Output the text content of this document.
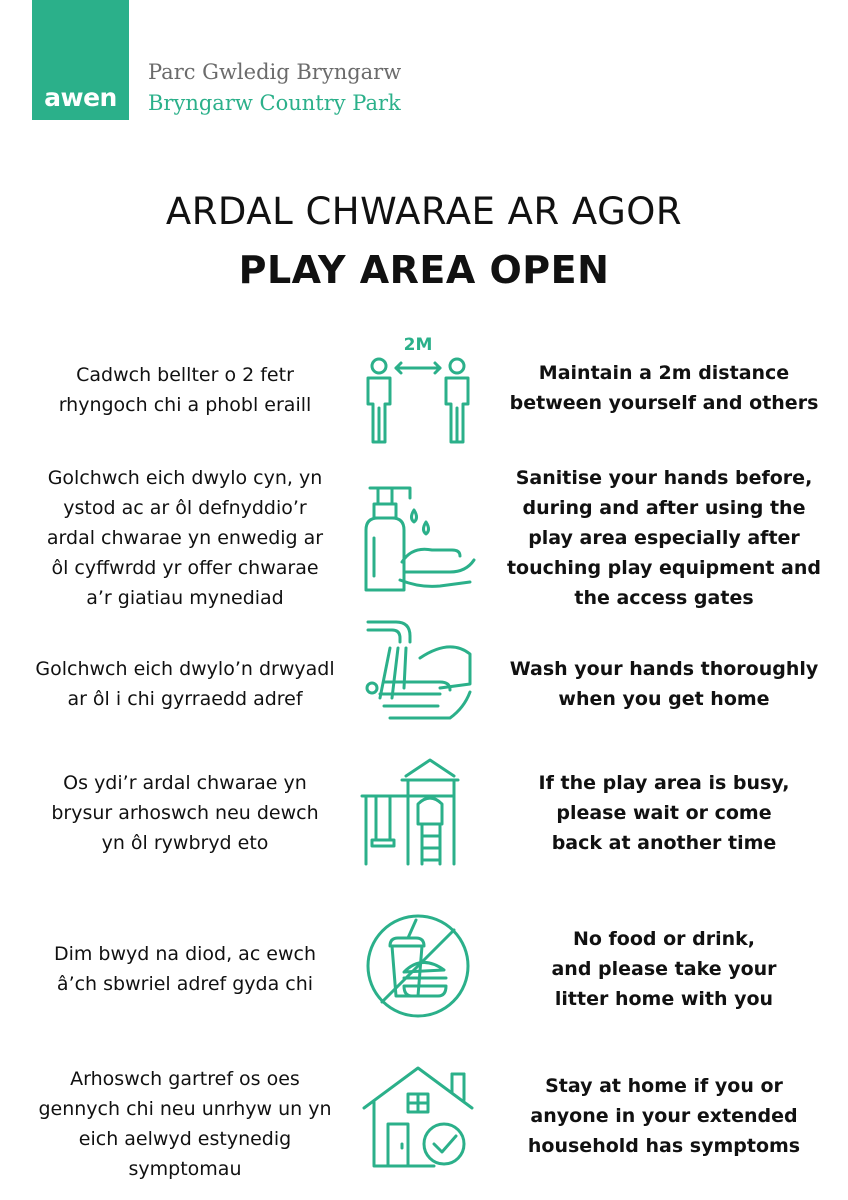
awen
Parc Gwledig Bryngarw
Bryngarw Country Park
ARDAL CHWARAE AR AGOR
PLAY AREA OPEN
Cadwch bellter o 2 fetr
rhyngoch chi a phobl eraill
2M
Maintain a 2m distance
between yourself and others
Golchwch eich dwylo cyn, yn
ystod ac ar ôl defnyddio’r
ardal chwarae yn enwedig ar
ôl cyffwrdd yr offer chwarae
a’r giatiau mynediad
Sanitise your hands before,
during and after using the
play area especially after
touching play equipment and
the access gates
Golchwch eich dwylo’n drwyadl
ar ôl i chi gyrraedd adref
Wash your hands thoroughly
when you get home
Os ydi’r ardal chwarae yn
brysur arhoswch neu dewch
yn ôl rywbryd eto
If the play area is busy,
please wait or come
back at another time
Dim bwyd na diod, ac ewch
â’ch sbwriel adref gyda chi
No food or drink,
and please take your
litter home with you
Arhoswch gartref os oes
gennych chi neu unrhyw un yn
eich aelwyd estynedig
symptomau
Stay at home if you or
anyone in your extended
household has symptoms
